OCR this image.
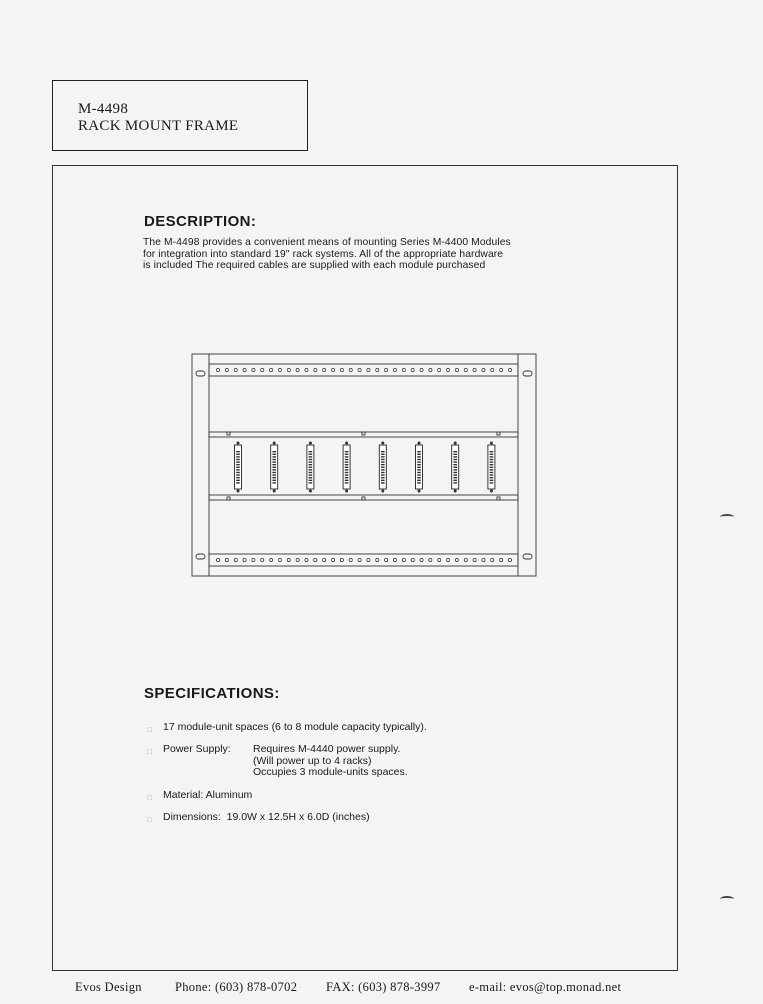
M-4498
RACK MOUNT FRAME
DESCRIPTION:
The M-4498 provides a convenient means of mounting Series M-4400 Modules
for integration into standard 19" rack systems. All of the appropriate hardware
is included The required cables are supplied with each module purchased
SPECIFICATIONS:
□ 17 module-unit spaces (6 to 8 module capacity typically).
□ Power Supply: Requires M-4440 power supply.
(Will power up to 4 racks)
Occupies 3 module-units spaces.
□ Material: Aluminum
□ Dimensions: 19.0W x 12.5H x 6.0D (inches)
Evos Design	Phone: (603) 878-0702 FAX: (603) 878-3997 e-mail: evos@top.monad.net
